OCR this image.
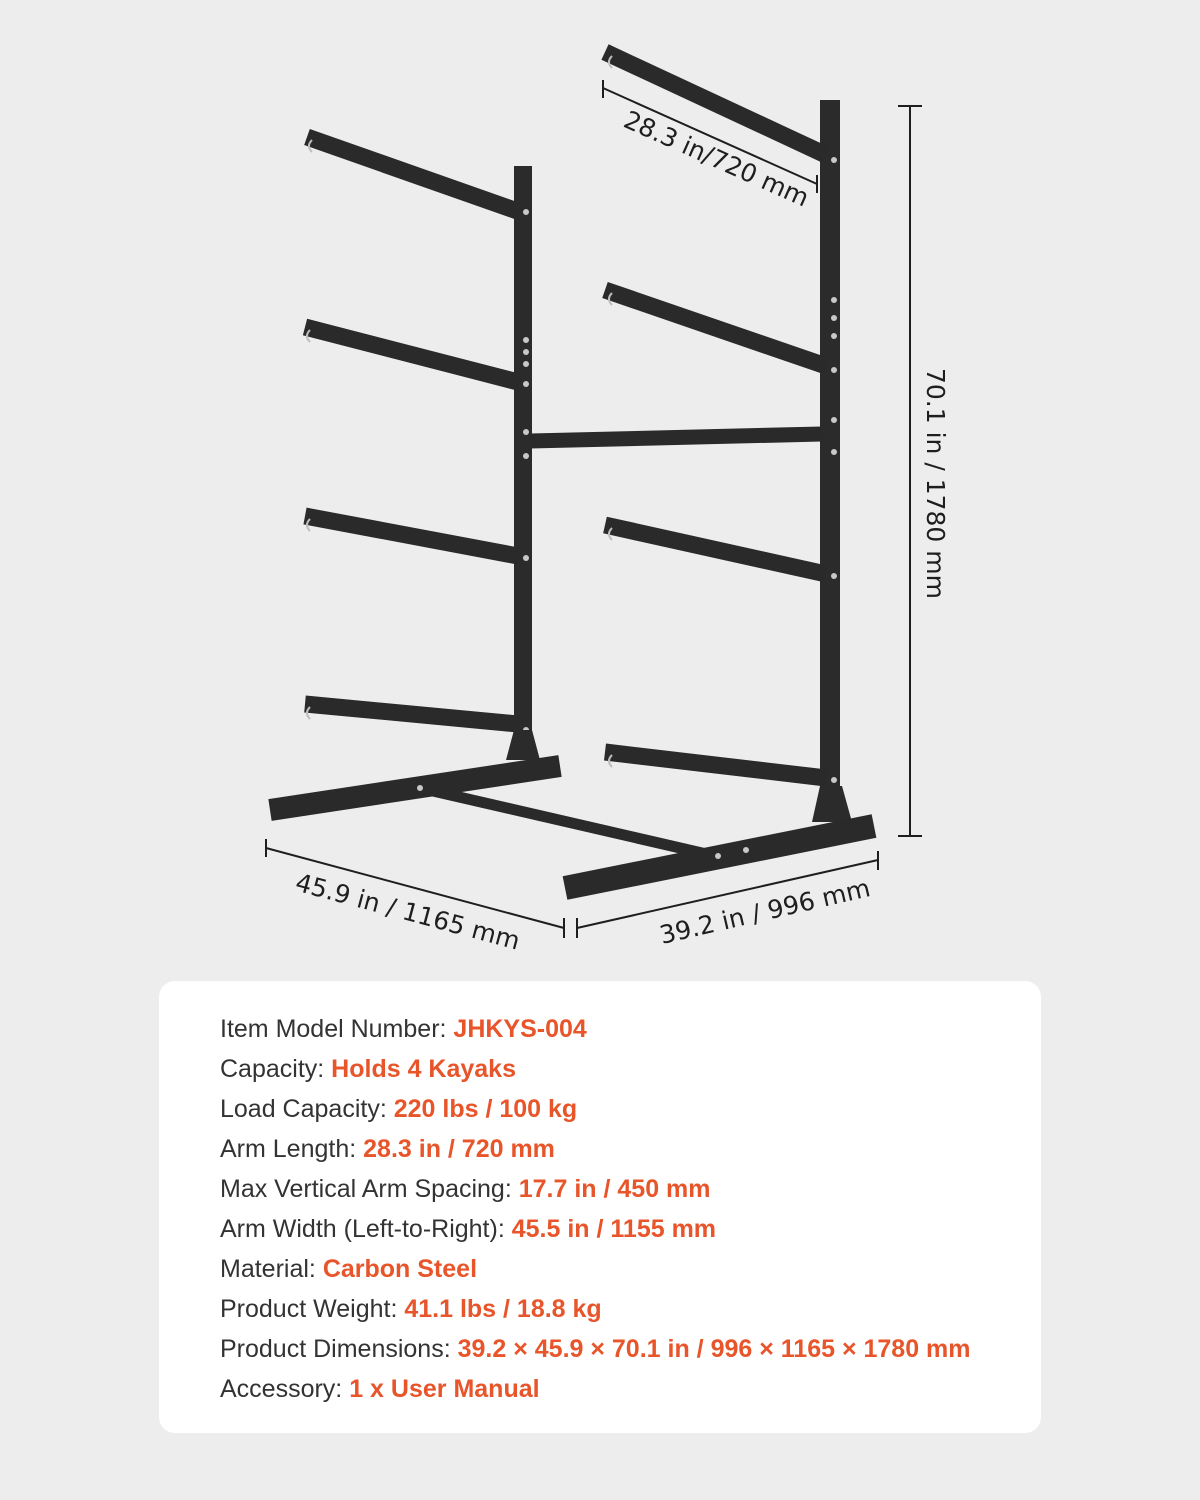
28.3 in/720 mm
70.1 in / 1780 mm
45.9 in / 1165 mm	39.2 in / 996 mm
Item Model Number: JHKYS-004
Capacity: Holds 4 Kayaks
Load Capacity: 220 lbs / 100 kg
Arm Length: 28.3 in / 720 mm
Max Vertical Arm Spacing: 17.7 in / 450 mm
Arm Width (Left-to-Right): 45.5 in / 1155 mm
Material: Carbon Steel
Product Weight: 41.1 lbs / 18.8 kg
Product Dimensions: 39.2 × 45.9 × 70.1 in / 996 × 1165 × 1780 mm
Accessory: 1 x User Manual
